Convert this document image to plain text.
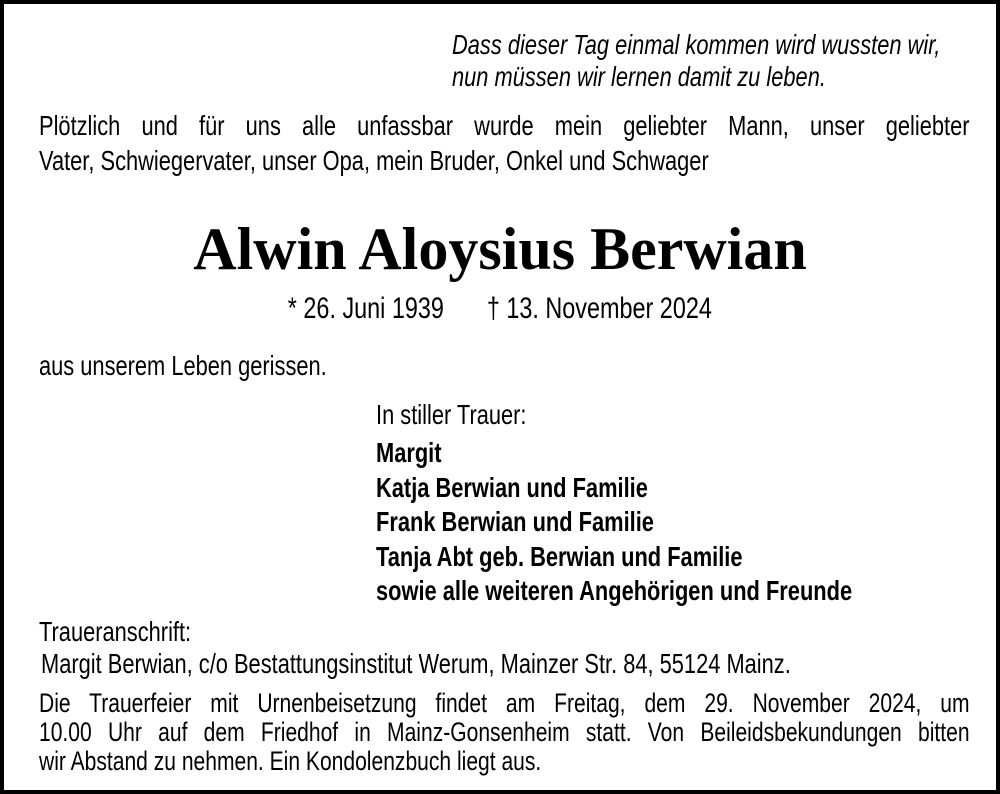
Dass dieser Tag einmal kommen wird wussten wir,
nun müssen wir lernen damit zu leben.
Plötzlich und für uns alle unfassbar wurde mein geliebter Mann, unser geliebter
Vater, Schwiegervater, unser Opa, mein Bruder, Onkel und Schwager
Alwin Aloysius Berwian
* 26. Juni 1939 † 13. November 2024
aus unserem Leben gerissen.
In stiller Trauer:
Margit
Katja Berwian und Familie
Frank Berwian und Familie
Tanja Abt geb. Berwian und Familie
sowie alle weiteren Angehörigen und Freunde
Traueranschrift:
Margit Berwian, c/o Bestattungsinstitut Werum, Mainzer Str. 84, 55124 Mainz.
Die Trauerfeier mit Urnenbeisetzung findet am Freitag, dem 29. November 2024, um
10.00 Uhr auf dem Friedhof in Mainz-Gonsenheim statt. Von Beileidsbekundungen bitten
wir Abstand zu nehmen. Ein Kondolenzbuch liegt aus.
